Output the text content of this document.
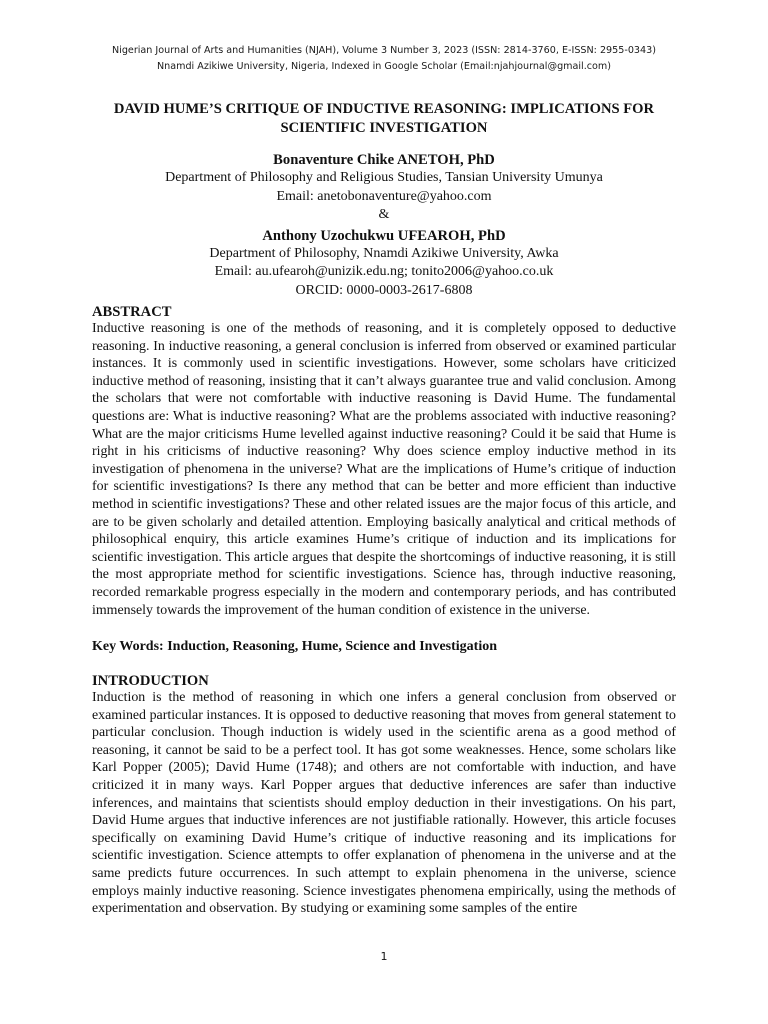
Nigerian Journal of Arts and Humanities (NJAH), Volume 3 Number 3, 2023 (ISSN: 2814-3760, E-ISSN: 2955-0343)
Nnamdi Azikiwe University, Nigeria, Indexed in Google Scholar (Email:njahjournal@gmail.com)
DAVID HUME’S CRITIQUE OF INDUCTIVE REASONING: IMPLICATIONS FOR SCIENTIFIC INVESTIGATION
Bonaventure Chike ANETOH, PhD
Department of Philosophy and Religious Studies, Tansian University Umunya
Email: anetobonaventure@yahoo.com
&
Anthony Uzochukwu UFEAROH, PhD
Department of Philosophy, Nnamdi Azikiwe University, Awka
Email: au.ufearoh@unizik.edu.ng; tonito2006@yahoo.co.uk
ORCID: 0000-0003-2617-6808
ABSTRACT
Inductive reasoning is one of the methods of reasoning, and it is completely opposed to deductive reasoning. In inductive reasoning, a general conclusion is inferred from observed or examined particular instances. It is commonly used in scientific investigations. However, some scholars have criticized inductive method of reasoning, insisting that it can’t always guarantee true and valid conclusion. Among the scholars that were not comfortable with inductive reasoning is David Hume. The fundamental questions are: What is inductive reasoning? What are the problems associated with inductive reasoning? What are the major criticisms Hume levelled against inductive reasoning? Could it be said that Hume is right in his criticisms of inductive reasoning? Why does science employ inductive method in its investigation of phenomena in the universe? What are the implications of Hume’s critique of induction for scientific investigations? Is there any method that can be better and more efficient than inductive method in scientific investigations? These and other related issues are the major focus of this article, and are to be given scholarly and detailed attention. Employing basically analytical and critical methods of philosophical enquiry, this article examines Hume’s critique of induction and its implications for scientific investigation. This article argues that despite the shortcomings of inductive reasoning, it is still the most appropriate method for scientific investigations. Science has, through inductive reasoning, recorded remarkable progress especially in the modern and contemporary periods, and has contributed immensely towards the improvement of the human condition of existence in the universe.
Key Words: Induction, Reasoning, Hume, Science and Investigation
INTRODUCTION
Induction is the method of reasoning in which one infers a general conclusion from observed or examined particular instances. It is opposed to deductive reasoning that moves from general statement to particular conclusion. Though induction is widely used in the scientific arena as a good method of reasoning, it cannot be said to be a perfect tool. It has got some weaknesses. Hence, some scholars like Karl Popper (2005); David Hume (1748); and others are not comfortable with induction, and have criticized it in many ways. Karl Popper argues that deductive inferences are safer than inductive inferences, and maintains that scientists should employ deduction in their investigations. On his part, David Hume argues that inductive inferences are not justifiable rationally. However, this article focuses specifically on examining David Hume’s critique of inductive reasoning and its implications for scientific investigation. Science attempts to offer explanation of phenomena in the universe and at the same predicts future occurrences. In such attempt to explain phenomena in the universe, science employs mainly inductive reasoning. Science investigates phenomena empirically, using the methods of experimentation and observation. By studying or examining some samples of the entire
1
